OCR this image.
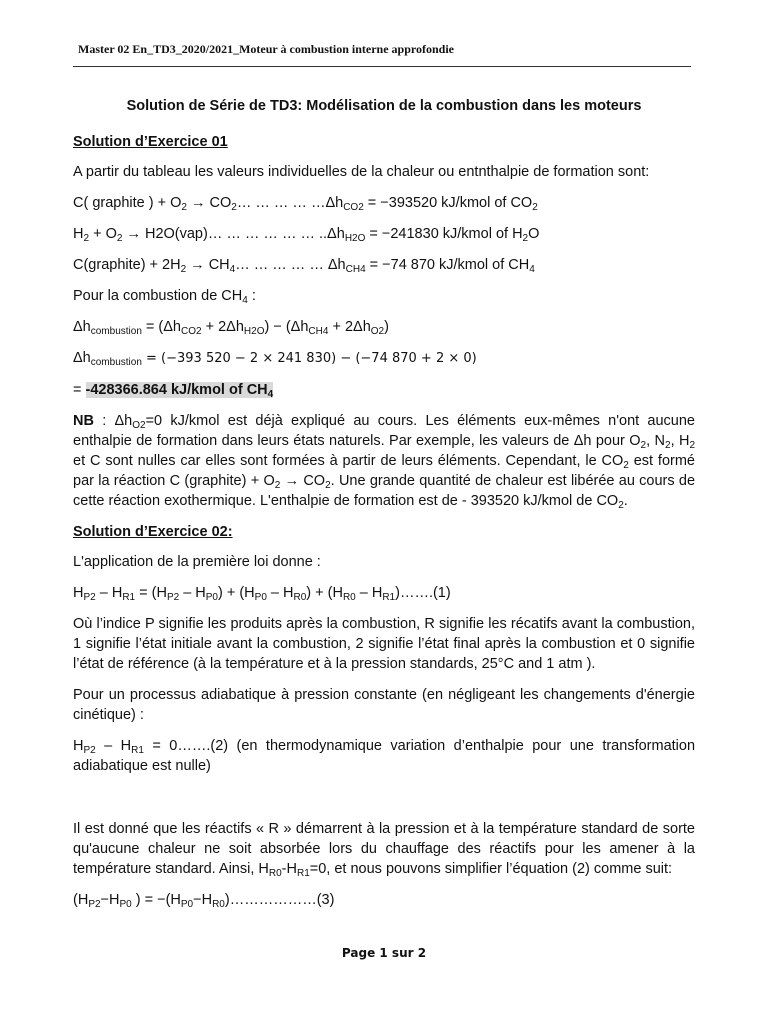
Master 02 En_TD3_2020/2021_Moteur à combustion interne approfondie
Solution de Série de TD3: Modélisation de la combustion dans les moteurs

Solution d’Exercice 01

A partir du tableau les valeurs individuelles de la chaleur ou entnthalpie de formation sont:

C( graphite ) + $O_2$ → $CO_2\dots$ … … … $\dots\Delta h_{CO2} = -393520$ kJ/kmol of $CO_2$

$H_2 + O_2$ → H2O(vap)… … … … … … $..\Delta h_{H2O} = -241830$ kJ/kmol of $H_2O$

C(graphite) + $2H_2$ → $CH_4\dots$ … … … … $\Delta h_{CH4} = -74$ 870 kJ/kmol of $CH_4$

Pour la combustion de $CH_4$ :

$\Delta h_{combustion} = (\Delta h_{CO2} + 2\Delta h_{H2O}) - (\Delta h_{CH4} + 2\Delta h_{O2})$

$\Delta h_{combustion} = (-393$ 520 − 2 × 241 830) − (−74 870 + 2 × 0)

= -428366.864 kJ/kmol of $CH_4$

NB : $\Delta h_{O2}=0$ kJ/kmol est déjà expliqué au cours. Les éléments eux-mêmes n'ont aucune enthalpie de formation dans leurs états naturels. Par exemple, les valeurs de Δh pour $O_2$, $N_2$, $H_2$ et C sont nulles car elles sont formées à partir de leurs éléments. Cependant, le $CO_2$ est formé par la réaction C (graphite) + $O_2 \to CO_2$. Une grande quantité de chaleur est libérée au cours de cette réaction exothermique. L'enthalpie de formation est de - 393520 kJ/kmol de $CO_2$.

Solution d’Exercice 02:

L'application de la première loi donne :

$H_{P2} - H_{R1} = (H_{P2} - H_{P0}) + (H_{P0} - H_{R0}) + (H_{R0}$ – $H_{R1})\dots\dots.(1)$

Où l’indice P signifie les produits après la combustion, R signifie les récatifs avant la combustion, 1 signifie l’état initiale avant la combustion, 2 signifie l’état final après la combustion et 0 signifie l’état de référence (à la température et à la pression standards, 25°C and 1 atm ).

Pour un processus adiabatique à pression constante (en négligeant les changements d'énergie cinétique) :

$H_{P2} - H_{R1}$ = 0…….(2) (en thermodynamique variation d’enthalpie pour une transformation adiabatique est nulle)

Il est donné que les réactifs « R » démarrent à la pression et à la température standard de sorte qu'aucune chaleur ne soit absorbée lors du chauffage des réactifs pour les amener à la température standard. Ainsi, $H_{R0}-H_{R1}=0$, et nous pouvons simplifier l’équation (2) comme suit:

($H_{P2}-H_{P0}$ ) = $-(H_{P0}-H_{R0})\dots\dots\dots\dots\dots\dots(3)$

Page 1 sur 2
